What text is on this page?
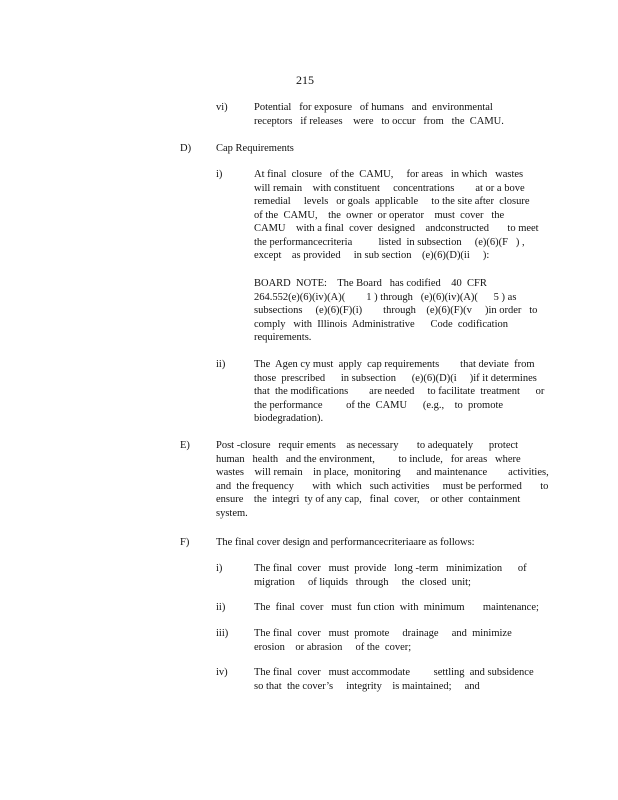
215
vi)	Potential   for exposure   of humans   and  environmental
receptors   if releases    were   to occur   from   the  CAMU.
D) Cap Requirements
i)	At final  closure   of the  CAMU,     for areas   in which   wastes
will remain    with constituent     concentrations        at or a bove
remedial     levels   or goals  applicable     to the site after  closure
of the  CAMU,    the  owner  or operator    must  cover   the
CAMU    with a final  cover  designed    andconstructed       to meet
the performancecriteria          listed  in subsection     (e)(6)(F   ) ,
except    as provided     in sub section    (e)(6)(D)(ii     ):
BOARD  NOTE:    The Board   has codified    40  CFR
264.552(e)(6)(iv)(A)(        1 ) through   (e)(6)(iv)(A)(      5 ) as
subsections     (e)(6)(F)(i)        through    (e)(6)(F)(v     )in order   to
comply   with  Illinois  Administrative      Code  codification
requirements.
ii)	The  Agen cy must  apply  cap requirements        that deviate  from
those  prescribed      in subsection      (e)(6)(D)(i     )if it determines
that  the modifications        are needed     to facilitate  treatment      or
the performance         of the  CAMU      (e.g.,    to  promote
biodegradation).
E) Post -closure   requir ements    as necessary       to adequately      protect
human   health   and the environment,         to include,   for areas   where
wastes    will remain    in place,  monitoring      and maintenance        activities,
and  the frequency       with  which   such activities     must be performed       to
ensure    the  integri  ty of any cap,   final  cover,    or other  containment
system.
F)	The final cover design and performancecriteriaare as follows:
i)	The final  cover   must  provide   long -term   minimization      of
migration     of liquids   through     the  closed  unit;
ii)	The  final  cover   must  fun ction  with  minimum       maintenance;
iii) The final  cover   must  promote     drainage     and  minimize
erosion    or abrasion     of the  cover;
iv)	The final  cover   must accommodate         settling  and subsidence
so that  the cover’s     integrity    is maintained;     and
